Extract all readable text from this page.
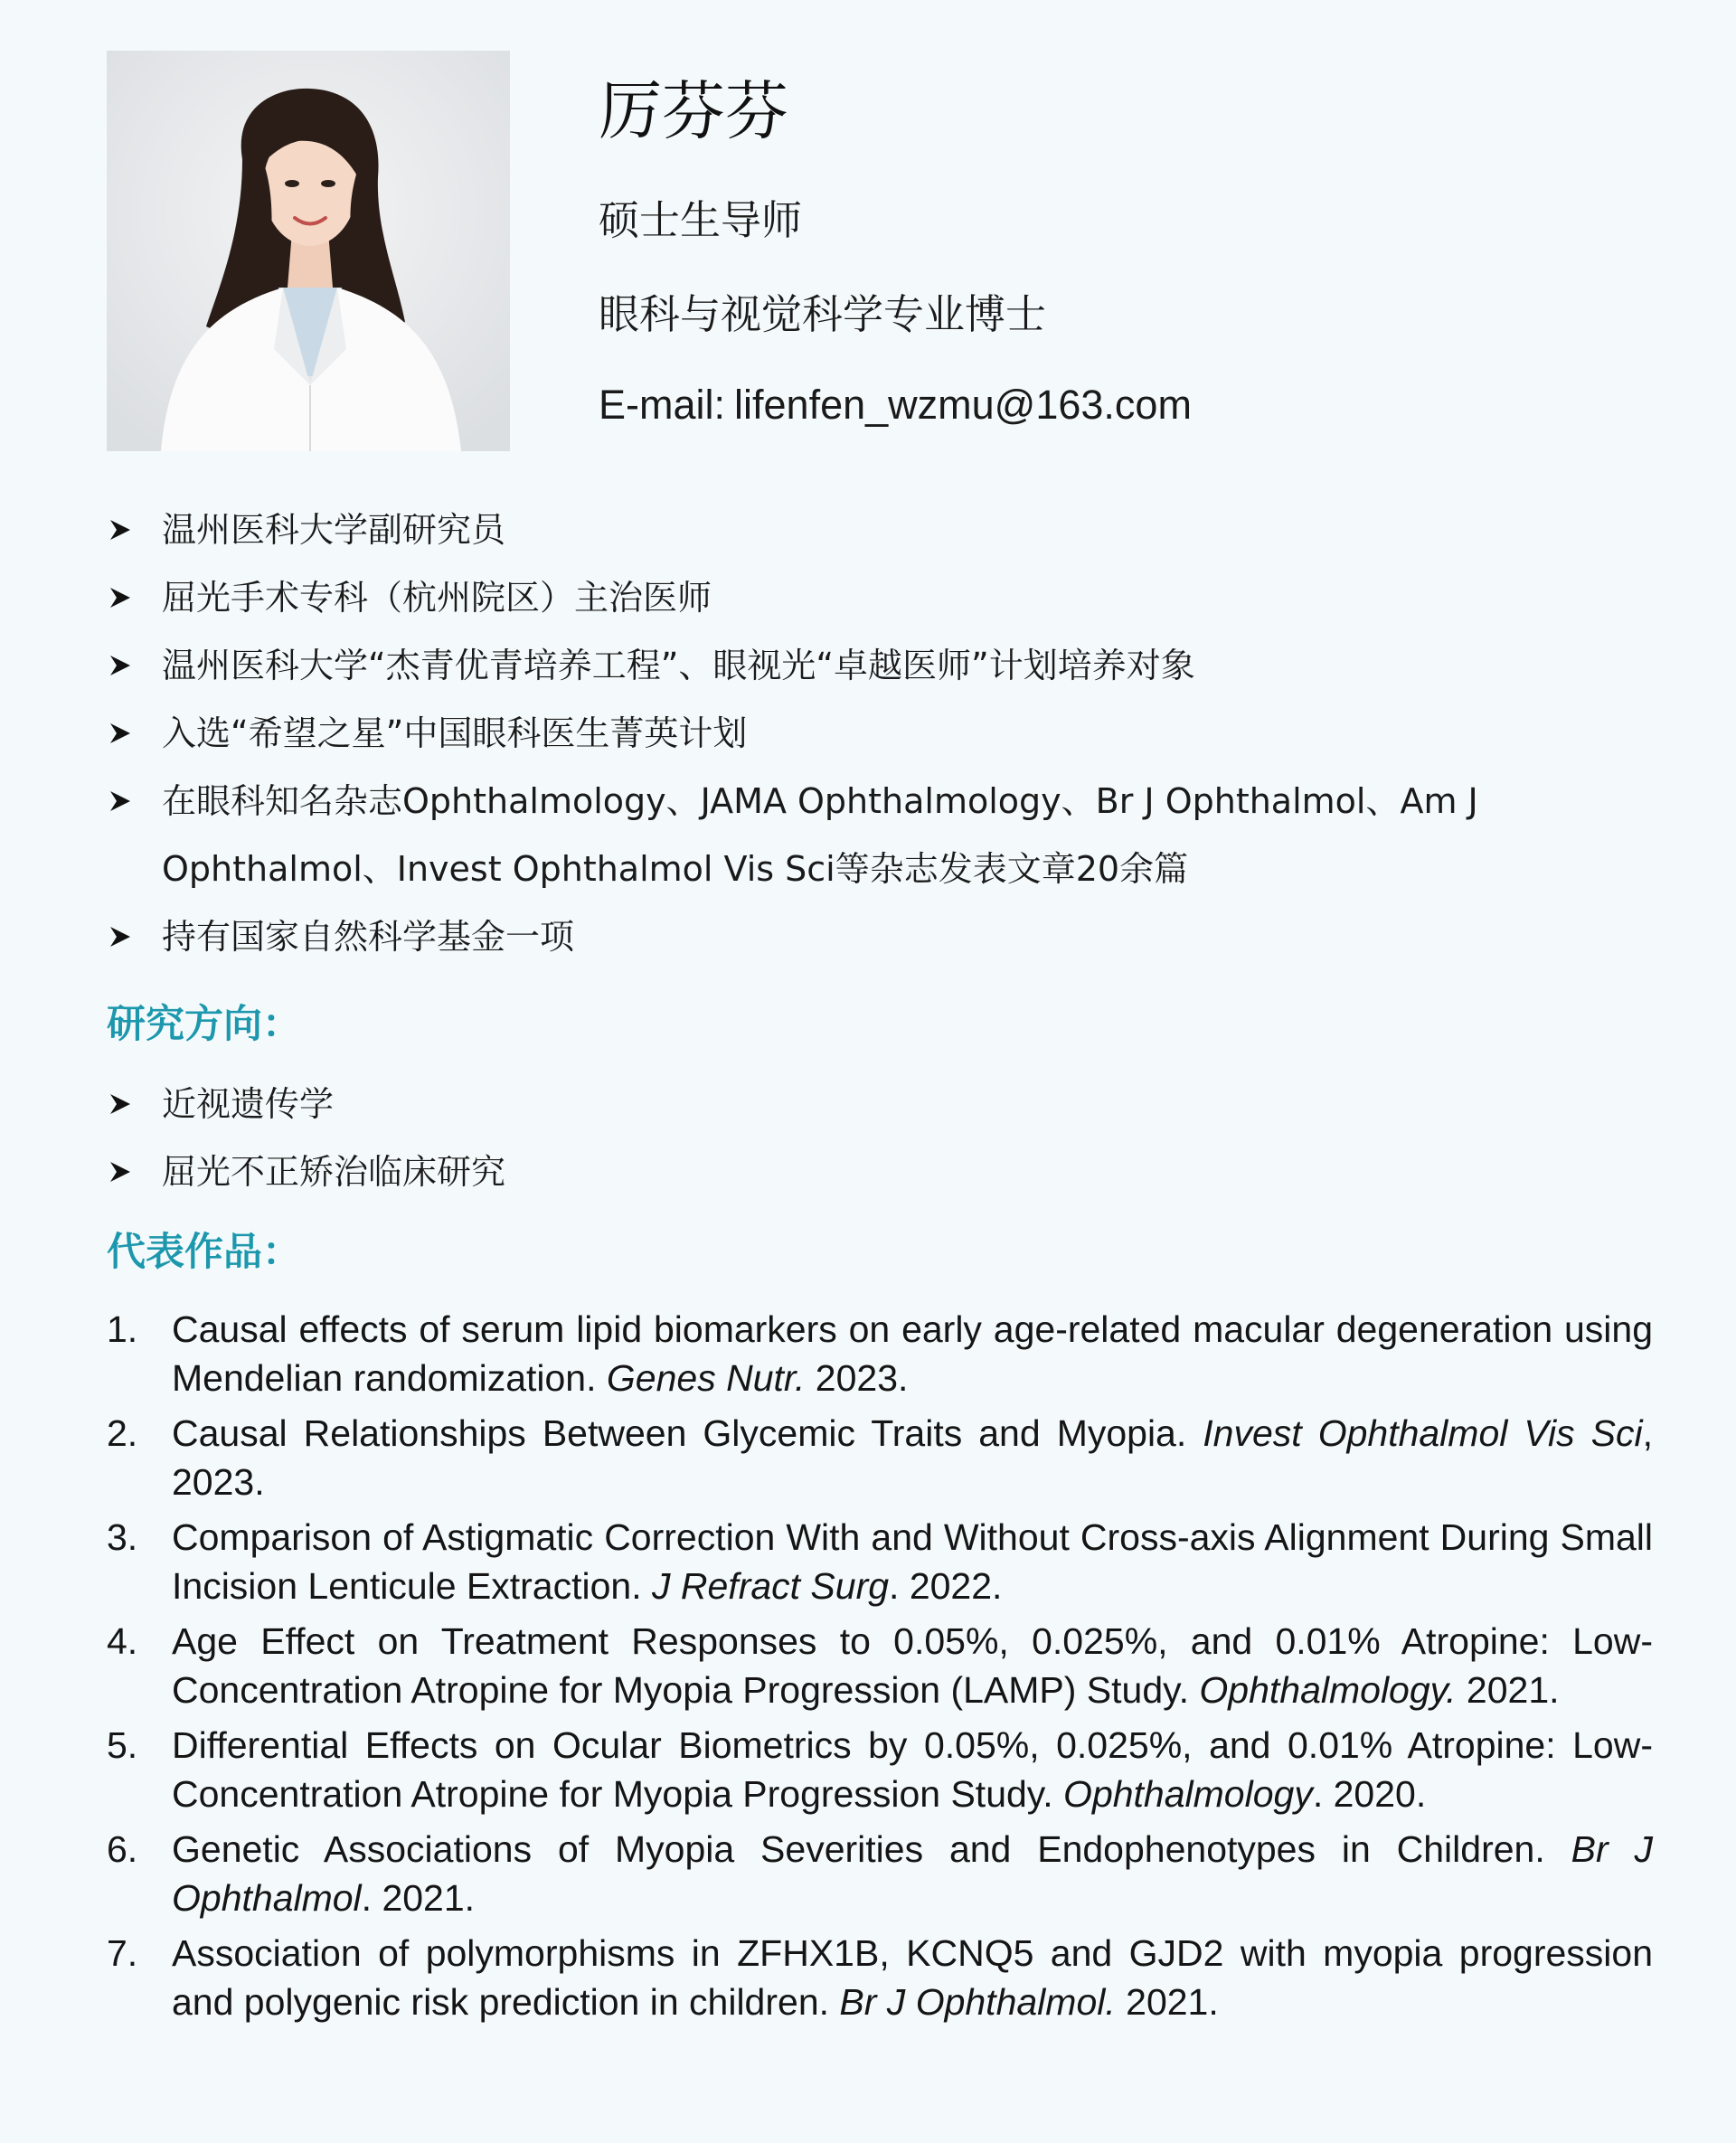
厉芬芬
硕士生导师
眼科与视觉科学专业博士
E-mail: lifenfen_wzmu@163.com
温州医科大学副研究员
屈光手术专科（杭州院区）主治医师
温州医科大学“杰青优青培养工程”、眼视光“卓越医师”计划培养对象
入选“希望之星”中国眼科医生菁英计划
在眼科知名杂志Ophthalmology、JAMA Ophthalmology、Br J Ophthalmol、Am J Ophthalmol、Invest Ophthalmol Vis Sci等杂志发表文章20余篇
持有国家自然科学基金一项
研究方向：
近视遗传学
屈光不正矫治临床研究
代表作品：
1. Causal effects of serum lipid biomarkers on early age-related macular degeneration using Mendelian randomization. Genes Nutr. 2023.
2. Causal Relationships Between Glycemic Traits and Myopia. Invest Ophthalmol Vis Sci, 2023.
3. Comparison of Astigmatic Correction With and Without Cross-axis Alignment During Small Incision Lenticule Extraction. J Refract Surg. 2022.
4. Age Effect on Treatment Responses to 0.05%, 0.025%, and 0.01% Atropine: Low-Concentration Atropine for Myopia Progression (LAMP) Study. Ophthalmology. 2021.
5. Differential Effects on Ocular Biometrics by 0.05%, 0.025%, and 0.01% Atropine: Low-Concentration Atropine for Myopia Progression Study. Ophthalmology. 2020.
6. Genetic Associations of Myopia Severities and Endophenotypes in Children. Br J Ophthalmol. 2021.
7. Association of polymorphisms in ZFHX1B, KCNQ5 and GJD2 with myopia progression and polygenic risk prediction in children. Br J Ophthalmol. 2021.
